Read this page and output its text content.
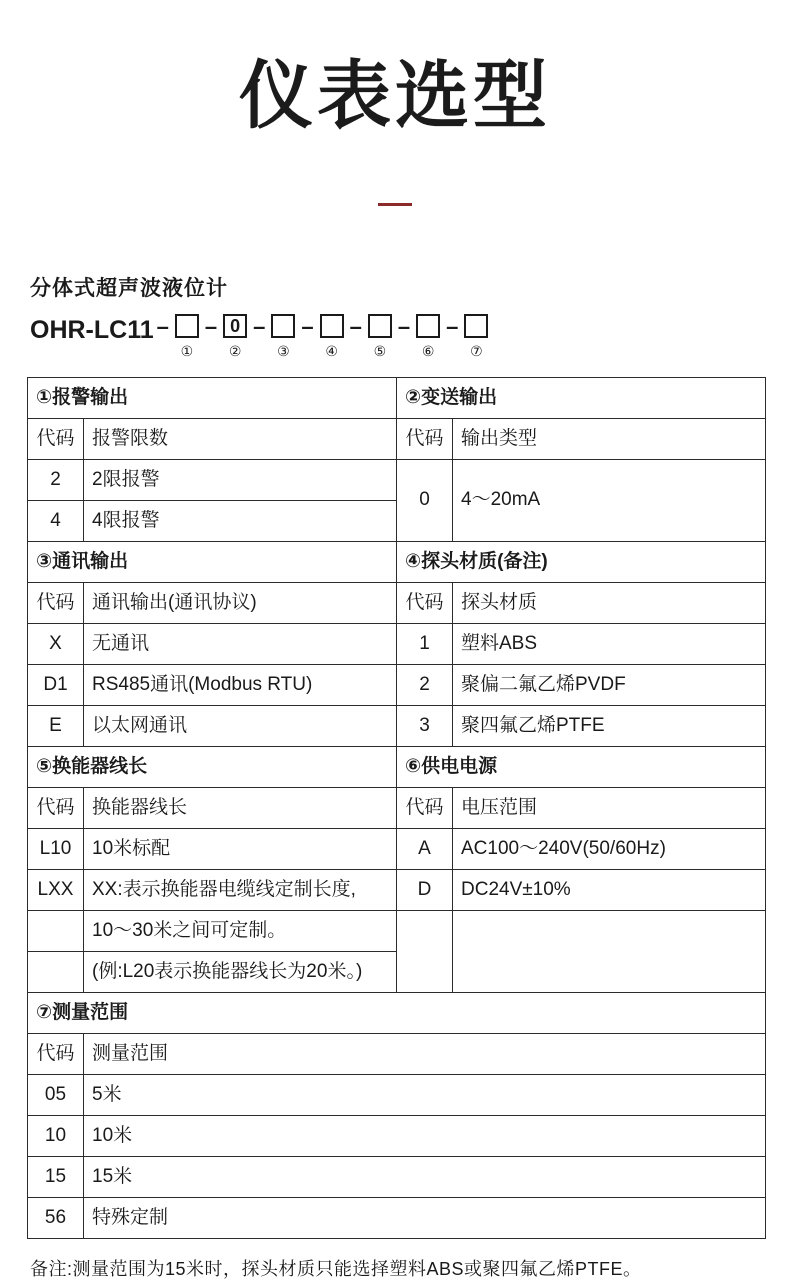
仪表选型
分体式超声波液位计
OHR-LC11 –
①
– 0
②
–
③
–
④
–
⑤
–
⑥
–
⑦
①报警输出		②变送输出	
代码	报警限数	代码	输出类型
2	2限报警	0	4～20mA
4	4限报警		
③通讯输出		④探头材质(备注)	
代码	通讯输出(通讯协议)	代码	探头材质
X	无通讯	1	塑料ABS
D1	RS485通讯(Modbus RTU)	2	聚偏二氟乙烯PVDF
E	以太网通讯	3	聚四氟乙烯PTFE
⑤换能器线长		⑥供电电源	
代码	换能器线长	代码	电压范围
L10	10米标配	A	AC100～240V(50/60Hz)
LXX	XX:表示换能器电缆线定制长度,	D	DC24V±10%
	10～30米之间可定制。		
	(例:L20表示换能器线长为20米。)		
⑦测量范围			
代码	测量范围		
05	5米		
10	10米		
15	15米		
56	特殊定制		
备注:测量范围为15米时，探头材质只能选择塑料ABS或聚四氟乙烯PTFE。
